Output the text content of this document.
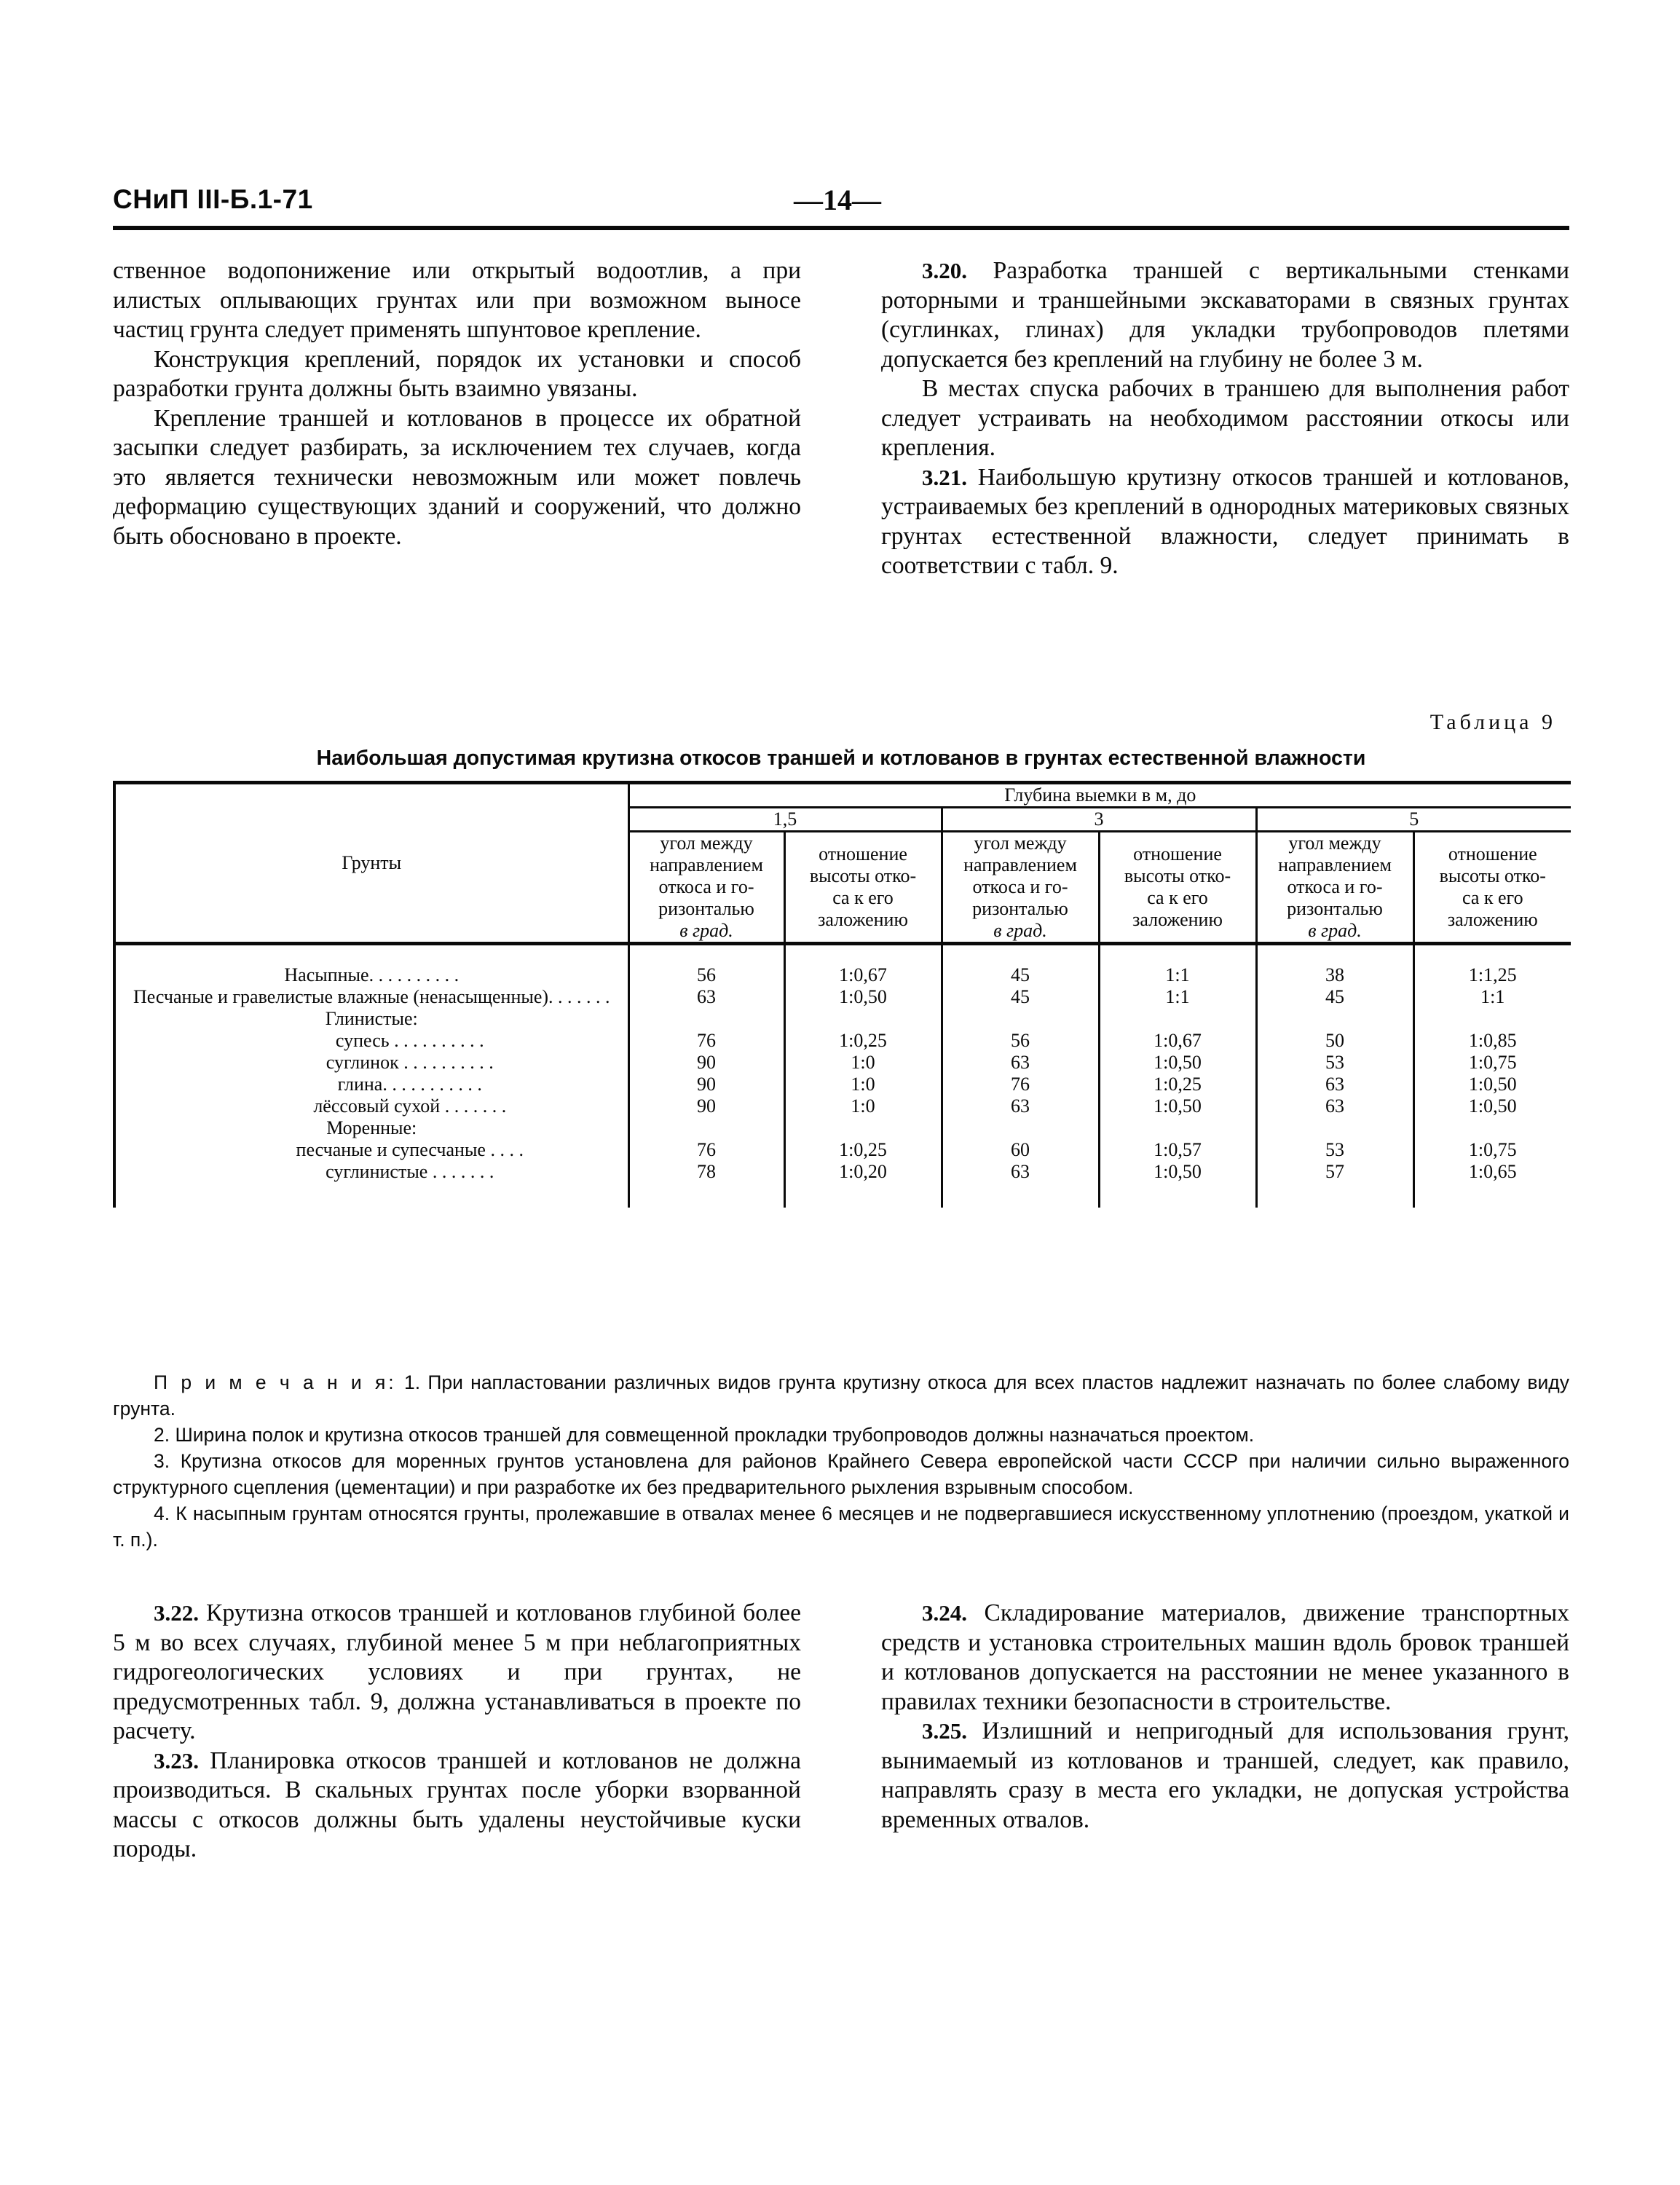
СНиП III-Б.1-71	—14—

ственное водопонижение или открытый водоотлив, а при илистых оплывающих грунтах или при возможном выносе частиц грунта следует применять шпунтовое крепление.

Конструкция креплений, порядок их установки и способ разработки грунта должны быть взаимно увязаны.

Крепление траншей и котлованов в процессе их обратной засыпки следует разбирать, за исключением тех случаев, когда это является технически невозможным или может повлечь деформацию существующих зданий и сооружений, что должно быть обосновано в проекте.

3.20. Разработка траншей с вертикальными стенками роторными и траншейными экскаваторами в связных грунтах (суглинках, глинах) для укладки трубопроводов плетями допускается без креплений на глубину не более 3 м.

В местах спуска рабочих в траншею для выполнения работ следует устраивать на необходимом расстоянии откосы или крепления.

3.21. Наибольшую крутизну откосов траншей и котлованов, устраиваемых без креплений в однородных материковых связных грунтах естественной влажности, следует принимать в соответствии с табл. 9.

Таблица 9
Наибольшая допустимая крутизна откосов траншей и котлованов в грунтах естественной влажности
Грунты	Глубина выемки в м, до					
	1,5		3		5	
	угол между
направлением
откоса и го-
ризонталью
в град.	отношение
высоты отко-
са к его
заложению	угол между
направлением
откоса и го-
ризонталью
в град.	отношение
высоты отко-
са к его
заложению	угол между
направлением
откоса и го-
ризонталью
в град.	отношение
высоты отко-
са к его
заложению

Насыпные. . . . . . . . . .	56	1:0,67	45	1:1	38	1:1,25
Песчаные и гравелистые влажные (ненасыщенные). . . . . . .	63	1:0,50	45	1:1	45	1:1
Глинистые:						
супесь . . . . . . . . . .	76	1:0,25	56	1:0,67	50	1:0,85
суглинок . . . . . . . . . .	90	1:0	63	1:0,50	53	1:0,75
глина. . . . . . . . . . .	90	1:0	76	1:0,25	63	1:0,50
лёссовый сухой . . . . . . .	90	1:0	63	1:0,50	63	1:0,50
Моренные:						
песчаные и супесчаные . . . .	76	1:0,25	60	1:0,57	53	1:0,75
суглинистые . . . . . . .	78	1:0,20	63	1:0,50	57	1:0,65

П р и м е ч а н и я: 1. При напластовании различных видов грунта крутизну откоса для всех пластов надлежит назначать по более слабому виду грунта.

2. Ширина полок и крутизна откосов траншей для совмещенной прокладки трубопроводов должны назначаться проектом.

3. Крутизна откосов для моренных грунтов установлена для районов Крайнего Севера европейской части СССР при наличии сильно выраженного структурного сцепления (цементации) и при разработке их без предварительного рыхления взрывным способом.

4. К насыпным грунтам относятся грунты, пролежавшие в отвалах менее 6 месяцев и не подвергавшиеся искусственному уплотнению (проездом, укаткой и т. п.).

3.22. Крутизна откосов траншей и котлованов глубиной более 5 м во всех случаях, глубиной менее 5 м при неблагоприятных гидрогеологических условиях и при грунтах, не предусмотренных табл. 9, должна устанавливаться в проекте по расчету.

3.23. Планировка откосов траншей и котлованов не должна производиться. В скальных грунтах после уборки взорванной массы с откосов должны быть удалены неустойчивые куски породы.

3.24. Складирование материалов, движение транспортных средств и установка строительных машин вдоль бровок траншей и котлованов допускается на расстоянии не менее указанного в правилах техники безопасности в строительстве.

3.25. Излишний и непригодный для использования грунт, вынимаемый из котлованов и траншей, следует, как правило, направлять сразу в места его укладки, не допуская устройства временных отвалов.
